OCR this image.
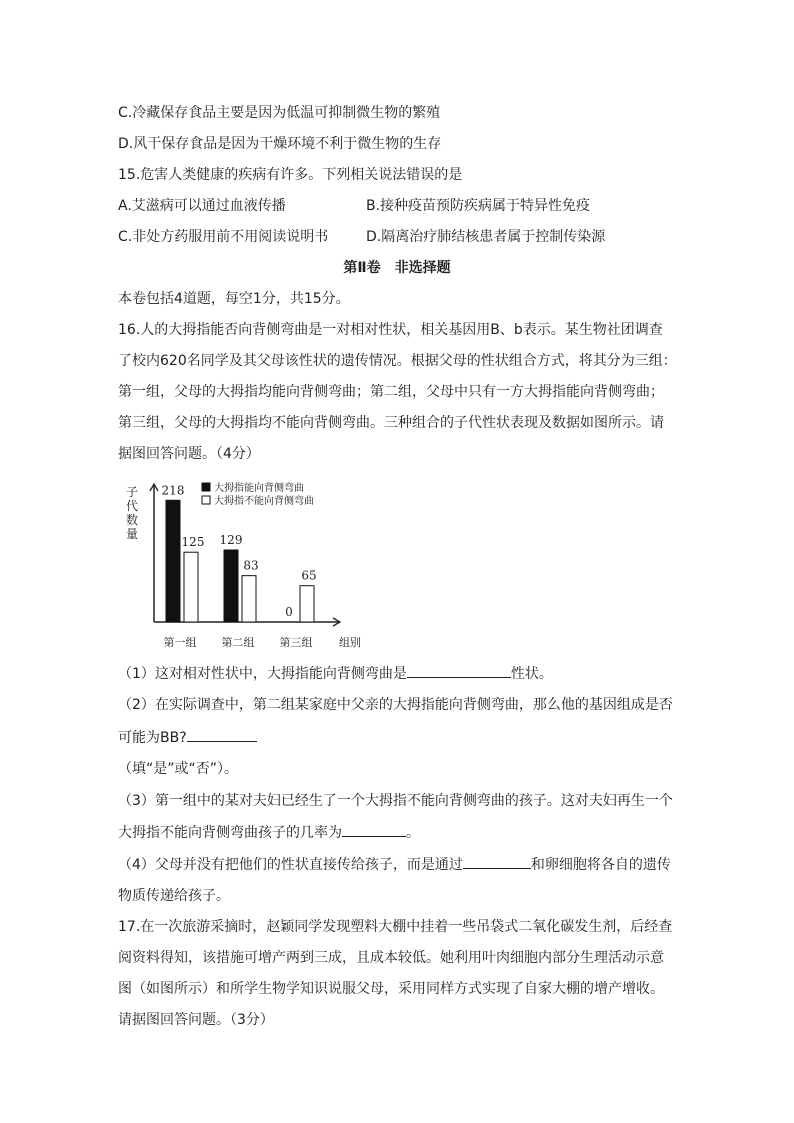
C.冷藏保存食品主要是因为低温可抑制微生物的繁殖
D.风干保存食品是因为干燥环境不利于微生物的生存
15.危害人类健康的疾病有许多。下列相关说法错误的是
A.艾滋病可以通过血液传播	B.接种疫苗预防疾病属于特异性免疫
C.非处方药服用前不用阅读说明书	D.隔离治疗肺结核患者属于控制传染源
第Ⅱ卷　非选择题
本卷包括4道题，每空1分，共15分。
16.人的大拇指能否向背侧弯曲是一对相对性状，相关基因用B、b表示。某生物社团调查
了校内620名同学及其父母该性状的遗传情况。根据父母的性状组合方式，将其分为三组：
第一组，父母的大拇指均能向背侧弯曲；第二组，父母中只有一方大拇指能向背侧弯曲；
第三组，父母的大拇指均不能向背侧弯曲。三种组合的子代性状表现及数据如图所示。请
据图回答问题。（4分）
子
代
数
量
大拇指能向背侧弯曲
大拇指不能向背侧弯曲
218
125
第一组
129
83
第二组
0
65
第三组 组别
（1）这对相对性状中，大拇指能向背侧弯曲是	性状。
（2）在实际调查中，第二组某家庭中父亲的大拇指能向背侧弯曲，那么他的基因组成是否
可能为BB?
（填“是”或“否”）。
（3）第一组中的某对夫妇已经生了一个大拇指不能向背侧弯曲的孩子。这对夫妇再生一个
大拇指不能向背侧弯曲孩子的几率为	。
（4）父母并没有把他们的性状直接传给孩子，而是通过	和卵细胞将各自的遗传
物质传递给孩子。
17.在一次旅游采摘时，赵颖同学发现塑料大棚中挂着一些吊袋式二氧化碳发生剂，后经查
阅资料得知，该措施可增产两到三成，且成本较低。她利用叶肉细胞内部分生理活动示意
图（如图所示）和所学生物学知识说服父母，采用同样方式实现了自家大棚的增产增收。
请据图回答问题。（3分）
